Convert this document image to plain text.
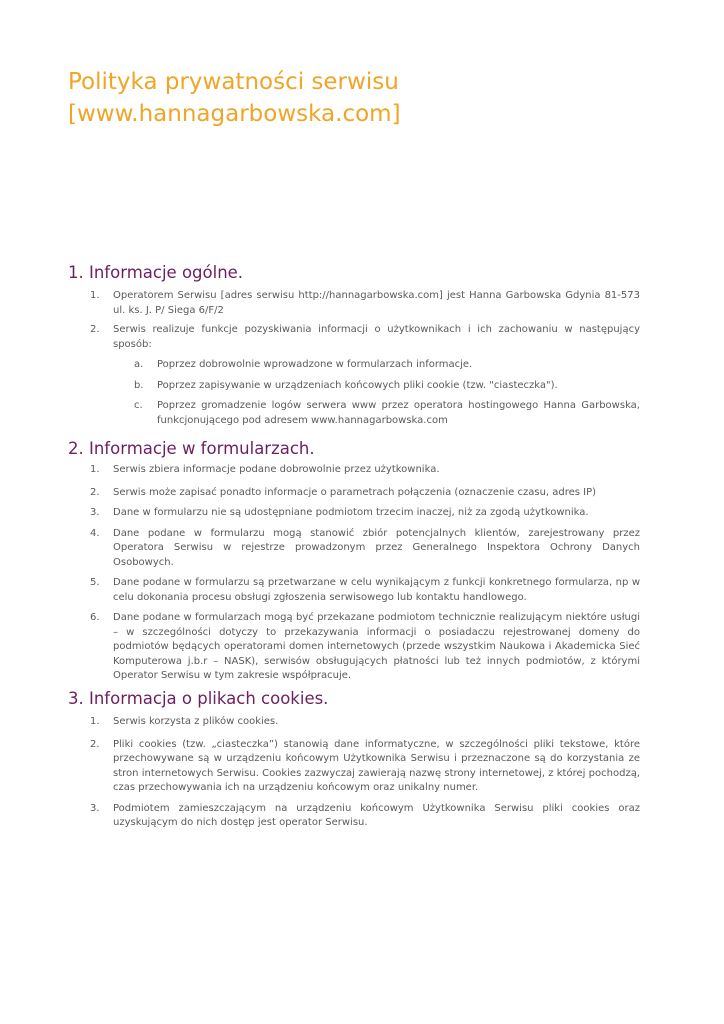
Polityka prywatności serwisu
[www.hannagarbowska.com]
1. Informacje ogólne.
1. Operatorem Serwisu [adres serwisu http://hannagarbowska.com] jest Hanna Garbowska Gdynia 81-573 ul. ks. J. P/ Siega 6/F/2
2. Serwis realizuje funkcje pozyskiwania informacji o użytkownikach i ich zachowaniu w następujący sposób:
a. Poprzez dobrowolnie wprowadzone w formularzach informacje.
b. Poprzez zapisywanie w urządzeniach końcowych pliki cookie (tzw. "ciasteczka").
c. Poprzez gromadzenie logów serwera www przez operatora hostingowego Hanna Garbowska, funkcjonującego pod adresem www.hannagarbowska.com
2. Informacje w formularzach.
1. Serwis zbiera informacje podane dobrowolnie przez użytkownika.
2. Serwis może zapisać ponadto informacje o parametrach połączenia (oznaczenie czasu, adres IP)
3. Dane w formularzu nie są udostępniane podmiotom trzecim inaczej, niż za zgodą użytkownika.
4. Dane podane w formularzu mogą stanowić zbiór potencjalnych klientów, zarejestrowany przez Operatora Serwisu w rejestrze prowadzonym przez Generalnego Inspektora Ochrony Danych Osobowych.
5. Dane podane w formularzu są przetwarzane w celu wynikającym z funkcji konkretnego formularza, np w celu dokonania procesu obsługi zgłoszenia serwisowego lub kontaktu handlowego.
6. Dane podane w formularzach mogą być przekazane podmiotom technicznie realizującym niektóre usługi – w szczególności dotyczy to przekazywania informacji o posiadaczu rejestrowanej domeny do podmiotów będących operatorami domen internetowych (przede wszystkim Naukowa i Akademicka Sieć Komputerowa j.b.r – NASK), serwisów obsługujących płatności lub też innych podmiotów, z którymi Operator Serwisu w tym zakresie współpracuje.
3. Informacja o plikach cookies.
1. Serwis korzysta z plików cookies.
2. Pliki cookies (tzw. „ciasteczka”) stanowią dane informatyczne, w szczególności pliki tekstowe, które przechowywane są w urządzeniu końcowym Użytkownika Serwisu i przeznaczone są do korzystania ze stron internetowych Serwisu. Cookies zazwyczaj zawierają nazwę strony internetowej, z której pochodzą, czas przechowywania ich na urządzeniu końcowym oraz unikalny numer.
3. Podmiotem zamieszczającym na urządzeniu końcowym Użytkownika Serwisu pliki cookies oraz uzyskującym do nich dostęp jest operator Serwisu.
